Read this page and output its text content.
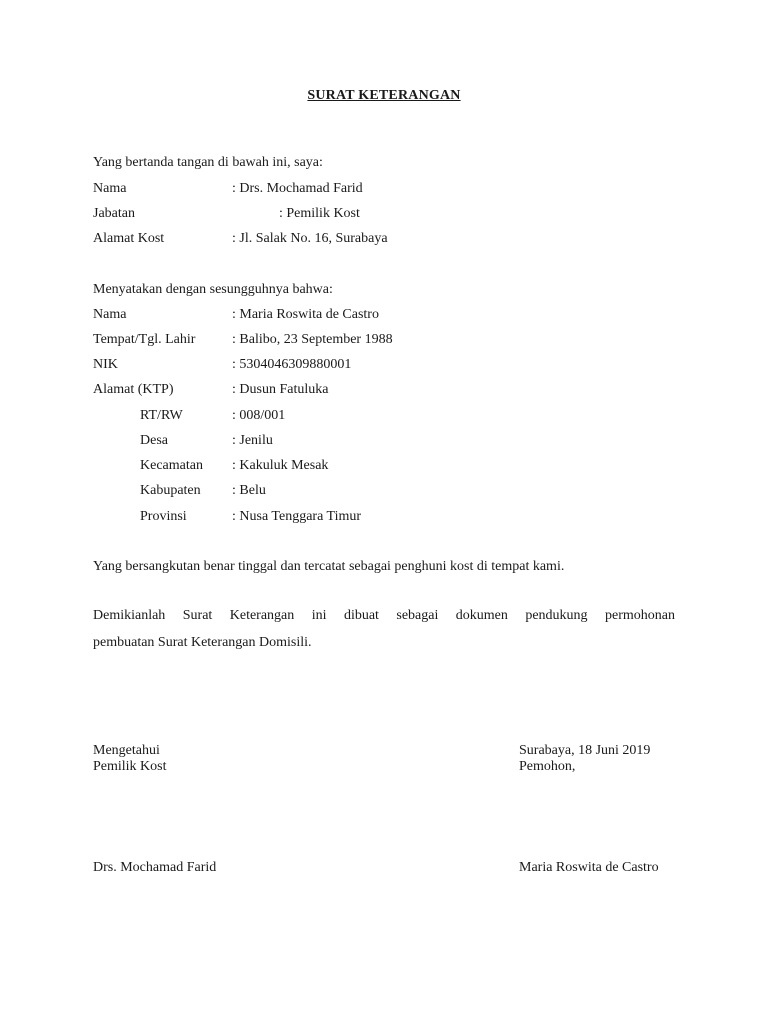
SURAT KETERANGAN
Yang bertanda tangan di bawah ini, saya:
Nama	: Drs. Mochamad Farid
Jabatan	: Pemilik Kost
Alamat Kost	: Jl. Salak No. 16, Surabaya
Menyatakan dengan sesungguhnya bahwa:
Nama	: Maria Roswita de Castro
Tempat/Tgl. Lahir	: Balibo, 23 September 1988
NIK	: 5304046309880001
Alamat (KTP)	: Dusun Fatuluka
RT/RW	: 008/001
Desa	: Jenilu
Kecamatan : Kakuluk Mesak
Kabupaten : Belu
Provinsi	: Nusa Tenggara Timur
Yang bersangkutan benar tinggal dan tercatat sebagai penghuni kost di tempat kami.
Demikianlah Surat Keterangan ini dibuat sebagai dokumen pendukung permohonan
pembuatan Surat Keterangan Domisili.
Mengetahui
Pemilik Kost
Drs. Mochamad Farid
Surabaya, 18 Juni 2019
Pemohon,
Maria Roswita de Castro
